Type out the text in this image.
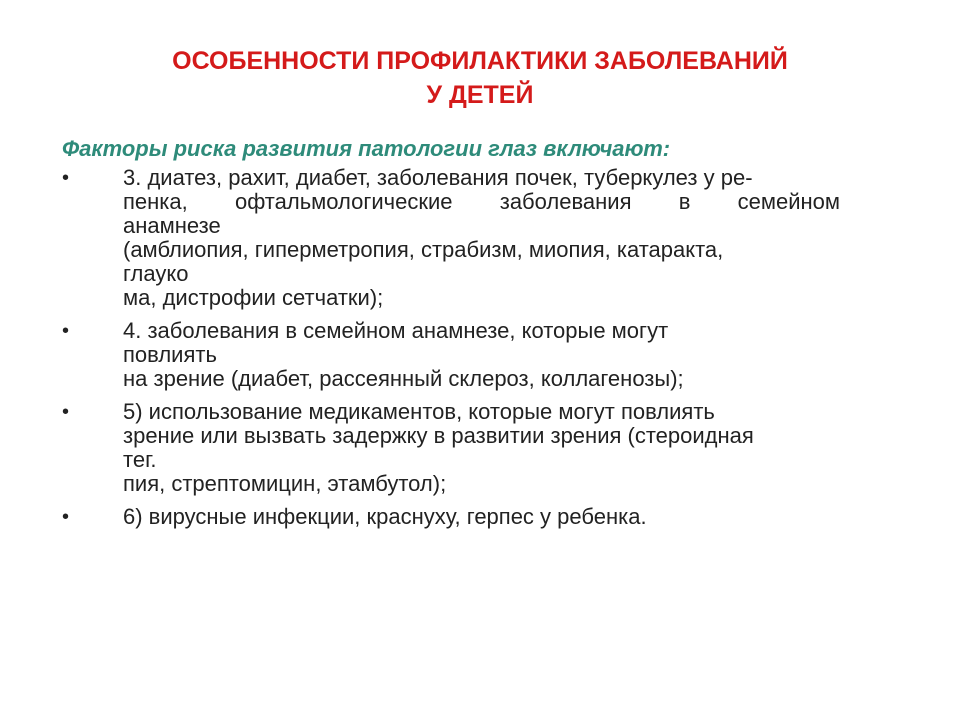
ОСОБЕННОСТИ ПРОФИЛАКТИКИ ЗАБОЛЕВАНИЙ
У ДЕТЕЙ
Факторы риска развития патологии глаз включают:
• 3. диатез, рахит, диабет, заболевания почек, туберкулез у ре-
пенка, офтальмологические заболевания в семейном
анамнезе
(амблиопия, гиперметропия, страбизм, миопия, катаракта,
глауко
ма, дистрофии сетчатки);
• 4. заболевания в семейном анамнезе, которые могут
повлиять
на зрение (диабет, рассеянный склероз, коллагенозы);
• 5) использование медикаментов, которые могут повлиять
зрение или вызвать задержку в развитии зрения (стероидная
тег.
пия, стрептомицин, этамбутол);
• 6) вирусные инфекции, краснуху, герпес у ребенка.
